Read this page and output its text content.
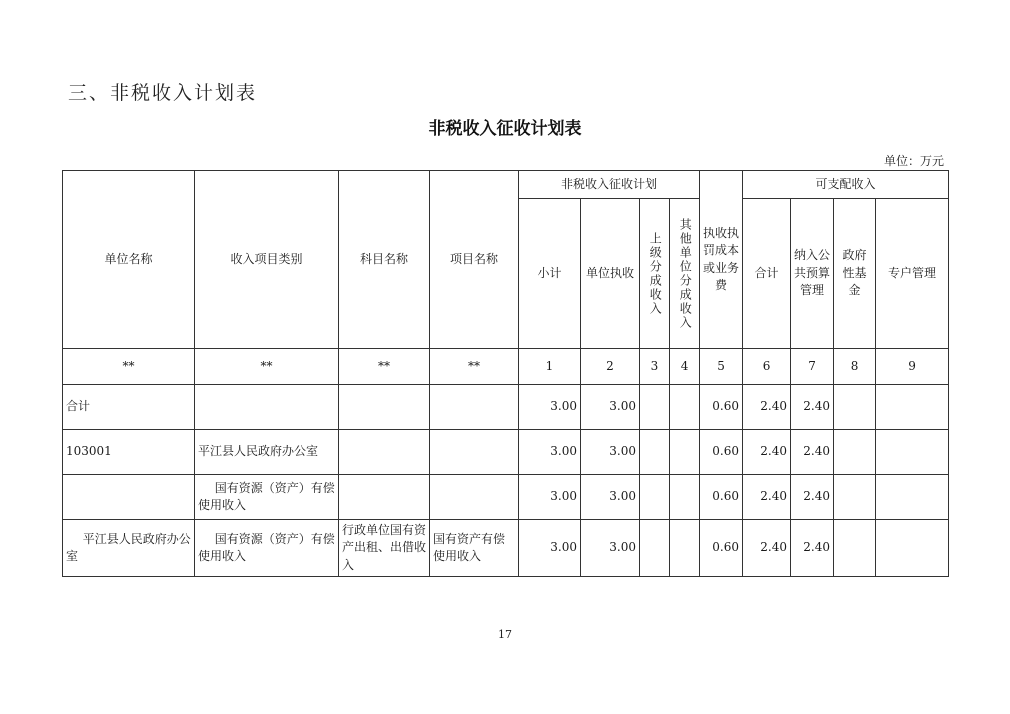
三、非税收入计划表
非税收入征收计划表
单位：万元
单位名称	收入项目类别	科目名称	项目名称	非税收入征收计划				执收执罚成本或业务费	可支配收入			
				小计	单位执收	上级分成收入	其他单位分成收入		合计	纳入公共预算管理	政府性基金	专户管理
**	**	**	**	1	2	3	4	5	6	7	8	9
合计				3.00	3.00			0.60	2.40	2.40		
103001	平江县人民政府办公室			3.00	3.00			0.60	2.40	2.40		
	国有资源（资产）有偿使用收入			3.00	3.00			0.60	2.40	2.40		
平江县人民政府办公室	国有资源（资产）有偿使用收入	行政单位国有资产出租、出借收入	国有资产有偿使用收入	3.00	3.00			0.60	2.40	2.40		
17
